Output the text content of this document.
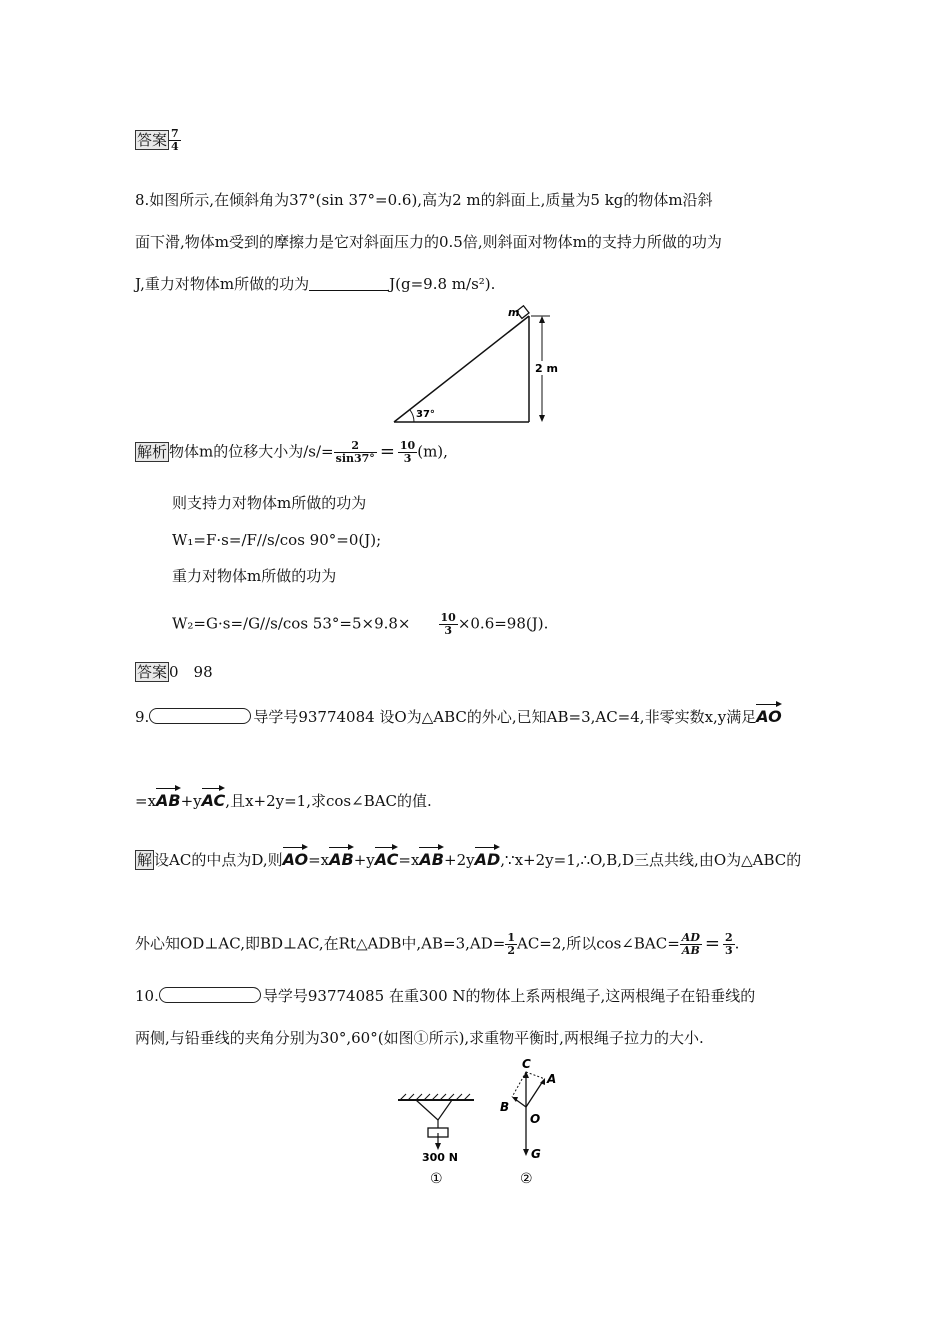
答案 $\frac{7}{4}$
8.如图所示,在倾斜角为37°(sin 37°=0.6),高为2 m的斜面上,质量为5 kg的物体m沿斜
面下滑,物体m受到的摩擦力是它对斜面压力的0.5倍,则斜面对物体m的支持力所做的功为
J,重力对物体m所做的功为	J(g=9.8 m/s²).
m
2 m
37°
解析 物体m的位移大小为$/s/= \frac{2}{\sin 37^\circ} = \frac{10}{3} (m)$,
则支持力对物体m所做的功为
W₁=F·s=/F//s/cos 90°=0(J);
重力对物体m所做的功为
W₂=G·s=/G//s/cos 53°=5×9.8×	$\frac{10}{3} \times 0.6=98(J)$.
答案 0　98
9.	导学号93774084 设O为△ABC的外心,已知AB=3,AC=4,非零实数x,y满足AO
=xAB+yAC,且x+2y=1,求cos∠BAC的值.
解 设AC的中点为D,则AO=xAB+yAC=xAB+2yAD,∵x+2y=1,∴O,B,D三点共线,由O为△ABC的
外心知OD⊥AC,即BD⊥AC,在Rt△ADB中$,AB=3,AD= \frac{1}{2} AC=2$,所以cos∠BAC= $\frac{AD}{AB} = \frac{2}{3}$ .
10.	导学号93774085 在重300 N的物体上系两根绳子,这两根绳子在铅垂线的
两侧,与铅垂线的夹角分别为30°,60°(如图①所示),求重物平衡时,两根绳子拉力的大小.
300 N
①
C
A
B
O
G
②
